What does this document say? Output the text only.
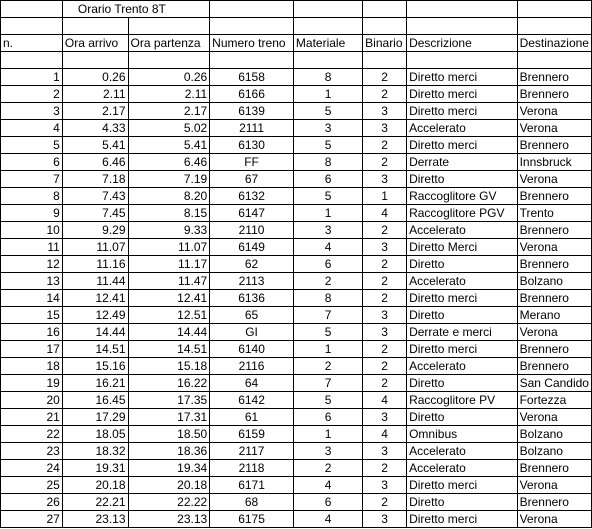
	Orario Trento 8T						

n.	Ora arrivo	Ora partenza	Numero treno	Materiale	Binario	Descrizione	Destinazione

1	0.26	0.26	6158	8	2	Diretto merci	Brennero
2	2.11	2.11	6166	1	2	Diretto merci	Brennero
3	2.17	2.17	6139	5	3	Diretto merci	Verona
4	4.33	5.02	2111	3	3	Accelerato	Verona
5	5.41	5.41	6130	5	2	Diretto merci	Brennero
6	6.46	6.46	FF	8	2	Derrate	Innsbruck
7	7.18	7.19	67	6	3	Diretto	Verona
8	7.43	8.20	6132	5	1	Raccoglitore GV	Brennero
9	7.45	8.15	6147	1	4	Raccoglitore PGV	Trento
10	9.29	9.33	2110	3	2	Accelerato	Brennero
11	11.07	11.07	6149	4	3	Diretto Merci	Verona
12	11.16	11.17	62	6	2	Diretto	Brennero
13	11.44	11.47	2113	2	2	Accelerato	Bolzano
14	12.41	12.41	6136	8	2	Diretto merci	Brennero
15	12.49	12.51	65	7	3	Diretto	Merano
16	14.44	14.44	GI	5	3	Derrate e merci	Verona
17	14.51	14.51	6140	1	2	Diretto merci	Brennero
18	15.16	15.18	2116	2	2	Accelerato	Brennero
19	16.21	16.22	64	7	2	Diretto	San Candido
20	16.45	17.35	6142	5	4	Raccoglitore PV	Fortezza
21	17.29	17.31	61	6	3	Diretto	Verona
22	18.05	18.50	6159	1	4	Omnibus	Bolzano
23	18.32	18.36	2117	3	3	Accelerato	Bolzano
24	19.31	19.34	2118	2	2	Accelerato	Brennero
25	20.18	20.18	6171	4	3	Diretto merci	Verona
26	22.21	22.22	68	6	2	Diretto	Brennero
27	23.13	23.13	6175	4	3	Diretto merci	Verona
